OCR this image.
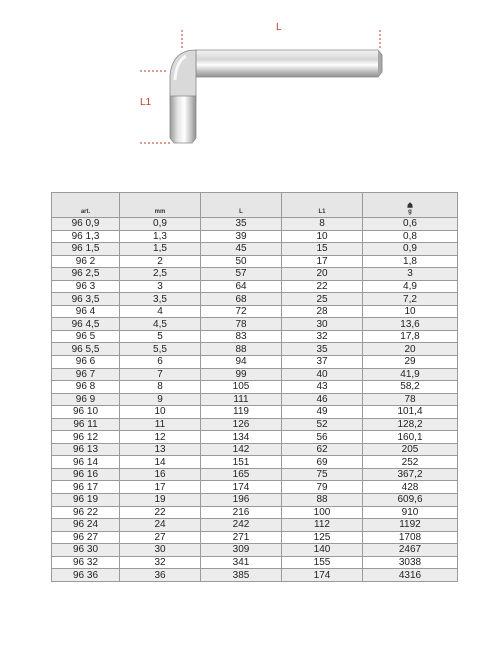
L
L1
art.	mm	L	L1	g
96 0,9	0,9	35	8	0,6
96 1,3	1,3	39	10	0,8
96 1,5	1,5	45	15	0,9
96 2	2	50	17	1,8
96 2,5	2,5	57	20	3
96 3	3	64	22	4,9
96 3,5	3,5	68	25	7,2
96 4	4	72	28	10
96 4,5	4,5	78	30	13,6
96 5	5	83	32	17,8
96 5,5	5,5	88	35	20
96 6	6	94	37	29
96 7	7	99	40	41,9
96 8	8	105	43	58,2
96 9	9	111	46	78
96 10	10	119	49	101,4
96 11	11	126	52	128,2
96 12	12	134	56	160,1
96 13	13	142	62	205
96 14	14	151	69	252
96 16	16	165	75	367,2
96 17	17	174	79	428
96 19	19	196	88	609,6
96 22	22	216	100	910
96 24	24	242	112	1192
96 27	27	271	125	1708
96 30	30	309	140	2467
96 32	32	341	155	3038
96 36	36	385	174	4316
